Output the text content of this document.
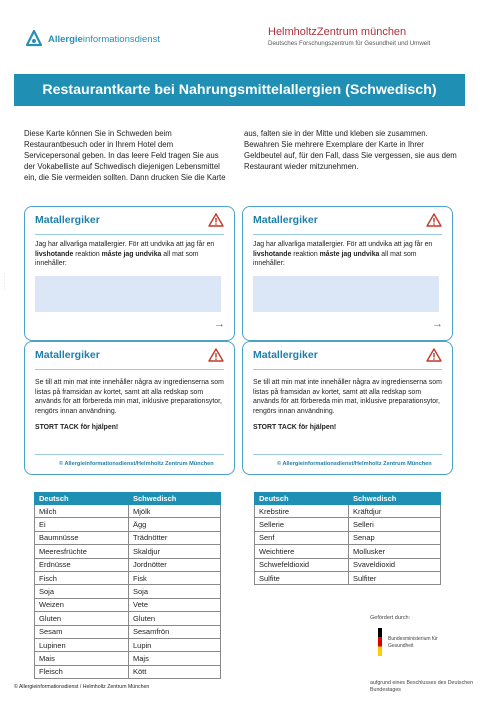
Allergieinformationsdienst
HelmholtzZentrum münchen
Deutsches Forschungszentrum für Gesundheit und Umwelt
Restaurantkarte bei Nahrungsmittelallergien (Schwedisch)
Diese Karte können Sie in Schweden beim Restaurantbesuch oder in Ihrem Hotel dem Servicepersonal geben. In das leere Feld tragen Sie aus der Vokabelliste auf Schwedisch diejenigen Lebensmittel ein, die Sie vermeiden sollten. Dann drucken Sie die Karte
aus, falten sie in der Mitte und kleben sie zusammen. Bewahren Sie mehrere Exemplare der Karte in Ihrer Geldbeutel auf, für den Fall, dass Sie vergessen, sie aus dem Restaurant wieder mitzunehmen.
· · · · · ·
Matallergiker
Jag har allvarliga matallergier. För att undvika att jag får en livshotande reaktion måste jag undvika all mat som innehåller:
→
Matallergiker
Jag har allvarliga matallergier. För att undvika att jag får en livshotande reaktion måste jag undvika all mat som innehåller:
→
Matallergiker
Se till att min mat inte innehåller några av ingredienserna som listas på framsidan av kortet, samt att alla redskap som används för att förbereda min mat, inklusive preparationsytor, rengörs innan användning.
STORT TACK för hjälpen!
© Allergieinformationsdienst/Helmholtz Zentrum München
Matallergiker
Se till att min mat inte innehåller några av ingredienserna som listas på framsidan av kortet, samt att alla redskap som används för att förbereda min mat, inklusive preparationsytor, rengörs innan användning.
STORT TACK för hjälpen!
© Allergieinformationsdienst/Helmholtz Zentrum München
Deutsch	Schwedisch
Milch	Mjölk
Ei	Ägg
Baumnüsse	Trädnötter
Meeresfrüchte	Skaldjur
Erdnüsse	Jordnötter
Fisch	Fisk
Soja	Soja
Weizen	Vete
Gluten	Gluten
Sesam	Sesamfrön
Lupinen	Lupin
Mais	Majs
Fleisch	Kött
Deutsch	Schwedisch
Krebstire	Kräftdjur
Sellerie	Selleri
Senf	Senap
Weichtiere	Mollusker
Schwefeldioxid	Svaveldioxid
Sulfite	Sulfiter
Gefördert durch:
Bundesministerium für Gesundheit
aufgrund eines Beschlusses des Deutschen Bundestages
© Allergieinformationsdienst / Helmholtz Zentrum München
